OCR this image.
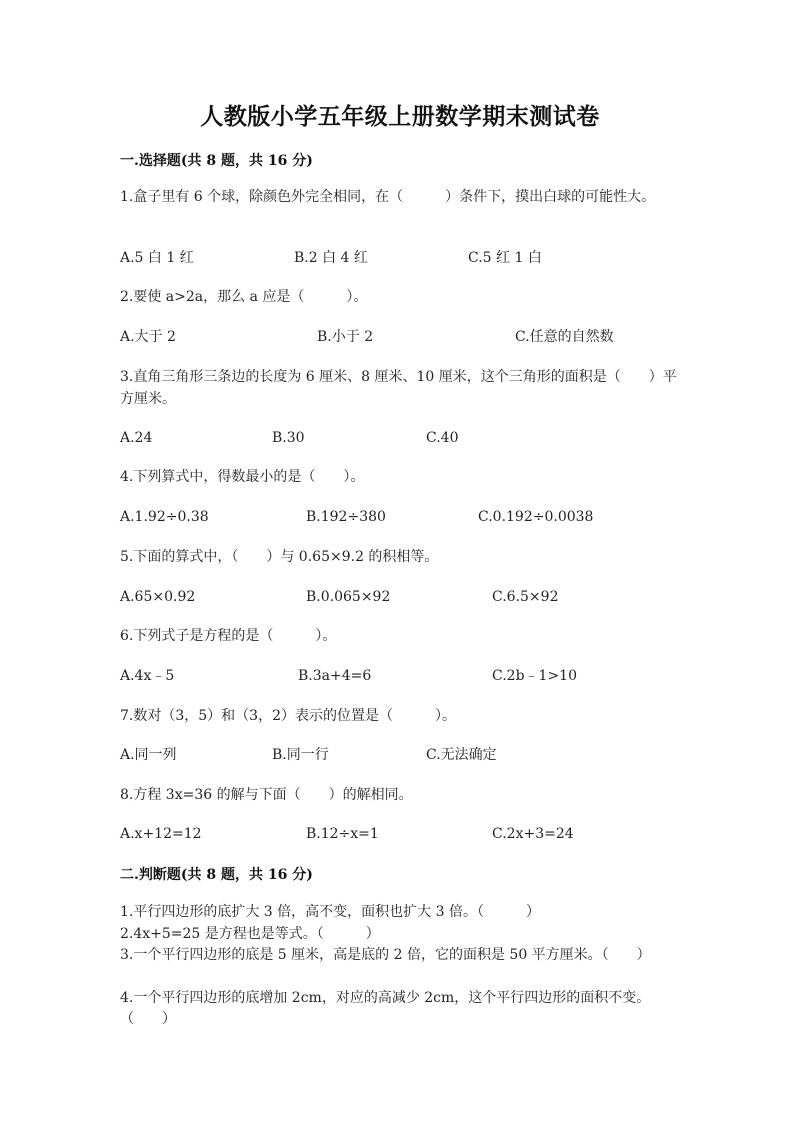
人教版小学五年级上册数学期末测试卷
一.选择题(共 8 题，共 16 分)
1.盒子里有 6 个球，除颜色外完全相同，在（　　　）条件下，摸出白球的可能性大。
A.5 白 1 红	B.2 白 4 红	C.5 红 1 白
2.要使 a>2a，那么 a 应是（　　　）。
A.大于 2	B.小于 2	C.任意的自然数
3.直角三角形三条边的长度为 6 厘米、8 厘米、10 厘米，这个三角形的面积是（　　）平方厘米。
A.24	B.30	C.40
4.下列算式中，得数最小的是（　　）。
A.1.92÷0.38	B.192÷380	C.0.192÷0.0038
5.下面的算式中，（　　）与 0.65×9.2 的积相等。
A.65×0.92	B.0.065×92	C.6.5×92
6.下列式子是方程的是（　　　）。
A.4x﹣5	B.3a+4=6	C.2b﹣1>10
7.数对（3，5）和（3，2）表示的位置是（　　　）。
A.同一列	B.同一行	C.无法确定
8.方程 3x=36 的解与下面（　　）的解相同。
A.x+12=12	B.12÷x=1	C.2x+3=24
二.判断题(共 8 题，共 16 分)
1.平行四边形的底扩大 3 倍，高不变，面积也扩大 3 倍。（　　　）
2.4x+5=25 是方程也是等式。（　　　）
3.一个平行四边形的底是 5 厘米，高是底的 2 倍，它的面积是 50 平方厘米。（　　）
4.一个平行四边形的底增加 2cm，对应的高减少 2cm，这个平行四边形的面积不变。（　　）
